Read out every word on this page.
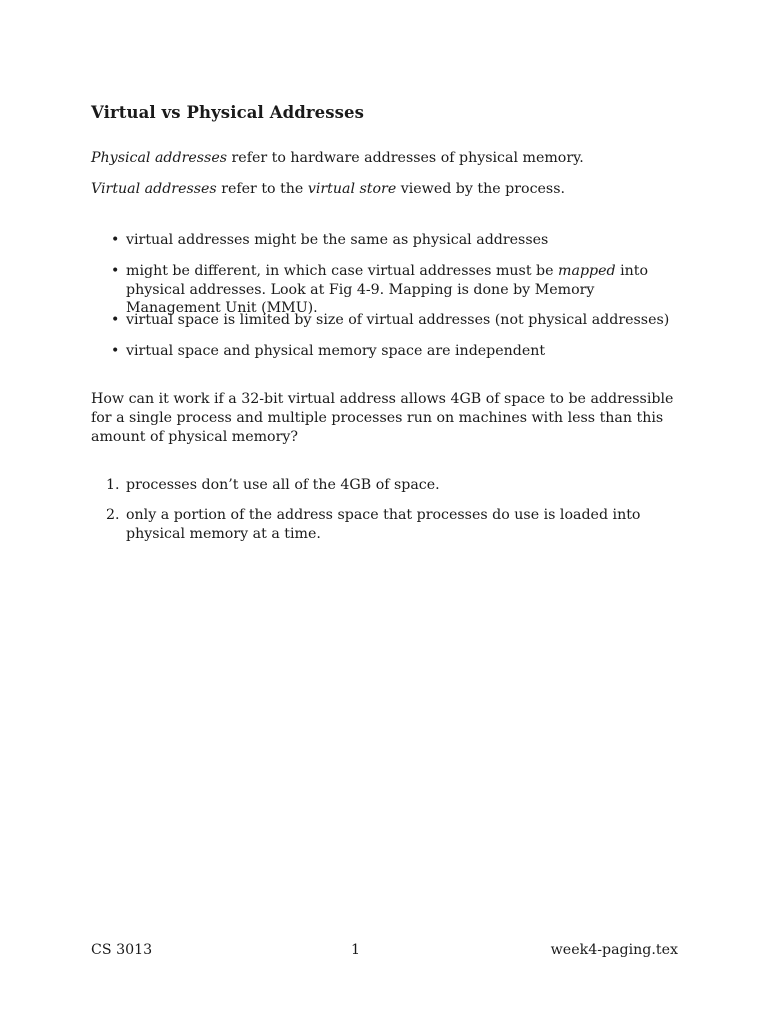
Virtual vs Physical Addresses
Physical addresses refer to hardware addresses of physical memory.
Virtual addresses refer to the virtual store viewed by the process.
• virtual addresses might be the same as physical addresses
• might be different, in which case virtual addresses must be mapped into physical addresses. Look at Fig 4-9. Mapping is done by Memory Management Unit (MMU).
• virtual space is limited by size of virtual addresses (not physical addresses)
• virtual space and physical memory space are independent
How can it work if a 32-bit virtual address allows 4GB of space to be addressible for a single process and multiple processes run on machines with less than this amount of physical memory?
1. processes don’t use all of the 4GB of space.
2. only a portion of the address space that processes do use is loaded into physical memory at a time.
CS 3013	1	week4-paging.tex
